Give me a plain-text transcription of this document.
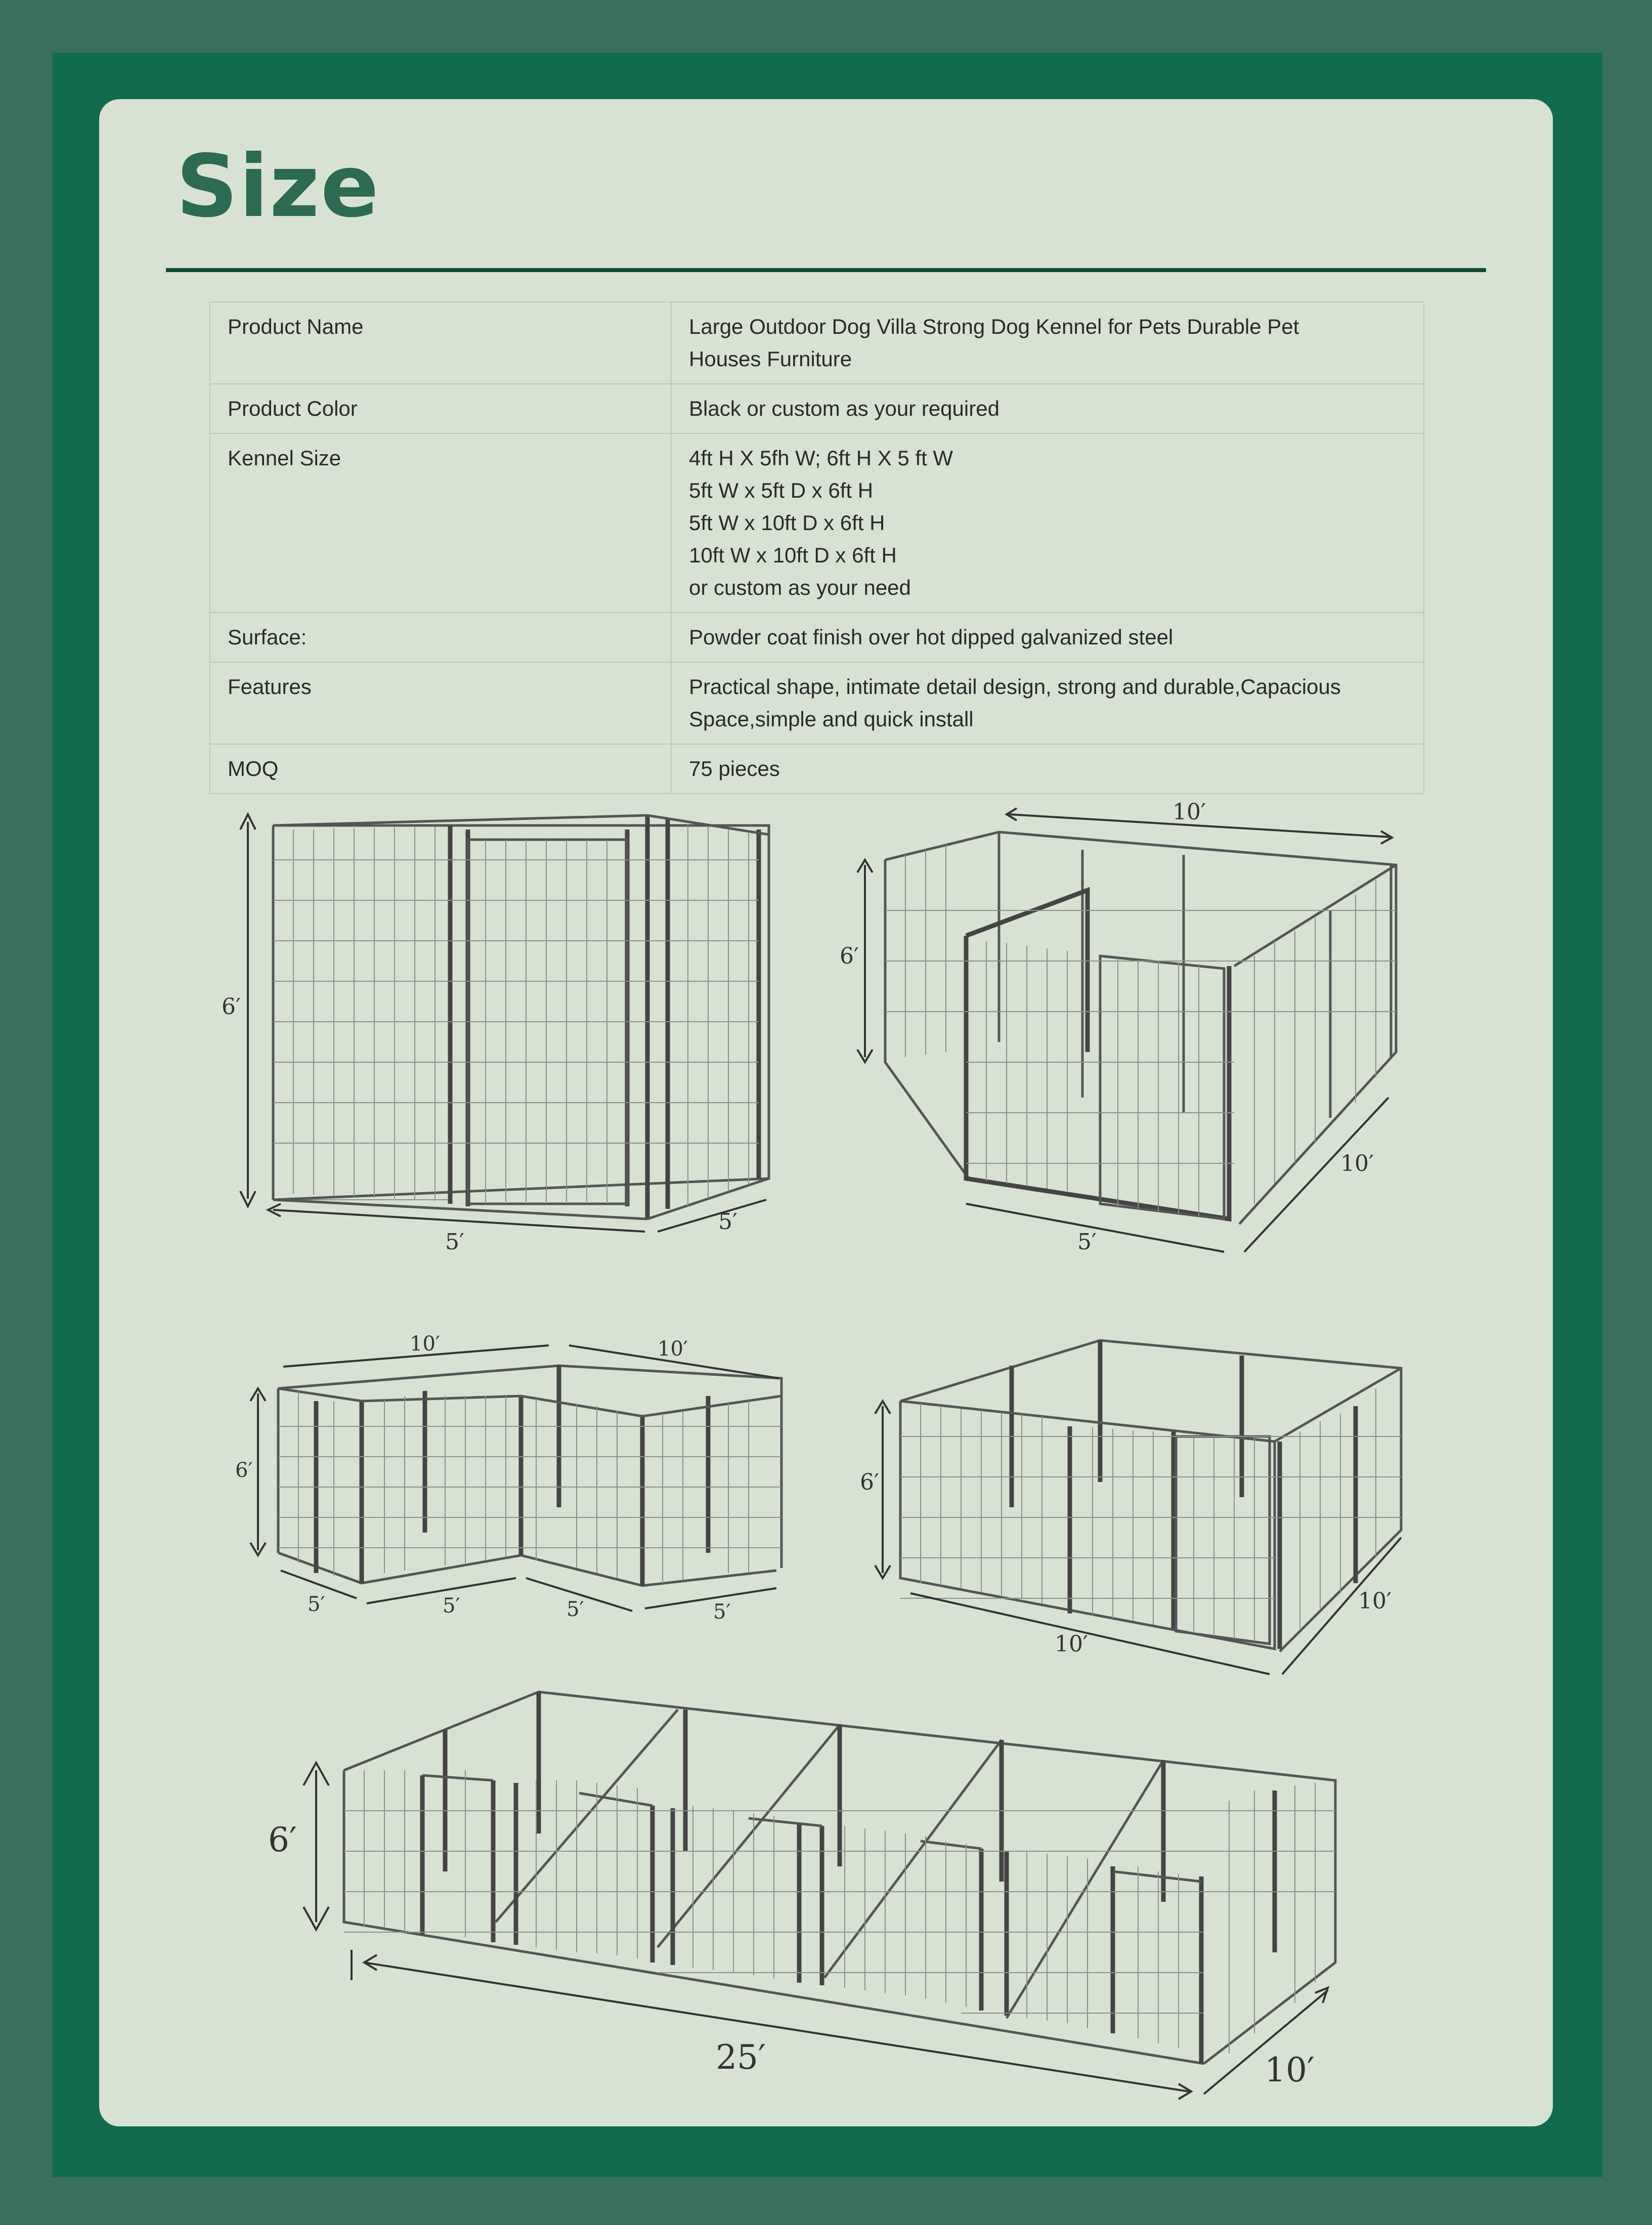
Size
Product Name	Large Outdoor Dog Villa Strong Dog Kennel for Pets Durable Pet
Houses Furniture

Product Color	Black or custom as your required

Kennel Size	4ft H X 5fh W; 6ft H X 5 ft W
5ft W x 5ft D x 6ft H
5ft W x 10ft D x 6ft H
10ft W x 10ft D x 6ft H
or custom as your need

Surface:	Powder coat finish over hot dipped galvanized steel

Features	Practical shape, intimate detail design, strong and durable,Capacious
Space,simple and quick install

MOQ	75 pieces
6′
5′
5′
10′
6′
5′
10′
10′	10′
6′
5′	5′	5′	5′
6′
10′
10′
6′
25′	10′
